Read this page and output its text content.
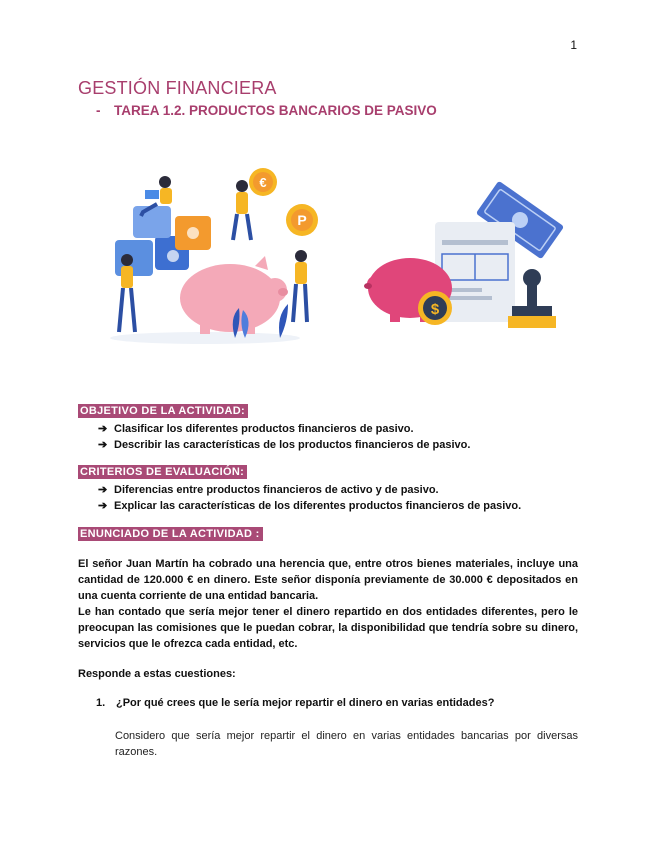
1
GESTIÓN FINANCIERA
- TAREA 1.2. PRODUCTOS BANCARIOS DE PASIVO
€
P
$
OBJETIVO DE LA ACTIVIDAD:
➔ Clasificar los diferentes productos financieros de pasivo.
➔ Describir las características de los productos financieros de pasivo.
CRITERIOS DE EVALUACIÓN:
➔ Diferencias entre productos financieros de activo y de pasivo.
➔ Explicar las características de los diferentes productos financieros de pasivo.
ENUNCIADO DE LA ACTIVIDAD :
El señor Juan Martín ha cobrado una herencia que, entre otros bienes materiales, incluye una cantidad de 120.000 € en dinero. Este señor disponía previamente de 30.000 € depositados en una cuenta corriente de una entidad bancaria.
Le han contado que sería mejor tener el dinero repartido en dos entidades diferentes, pero le preocupan las comisiones que le puedan cobrar, la disponibilidad que tendría sobre su dinero, servicios que le ofrezca cada entidad, etc.
Responde a estas cuestiones:
1. ¿Por qué crees que le sería mejor repartir el dinero en varias entidades?
Considero que sería mejor repartir el dinero en varias entidades bancarias por diversas razones.
